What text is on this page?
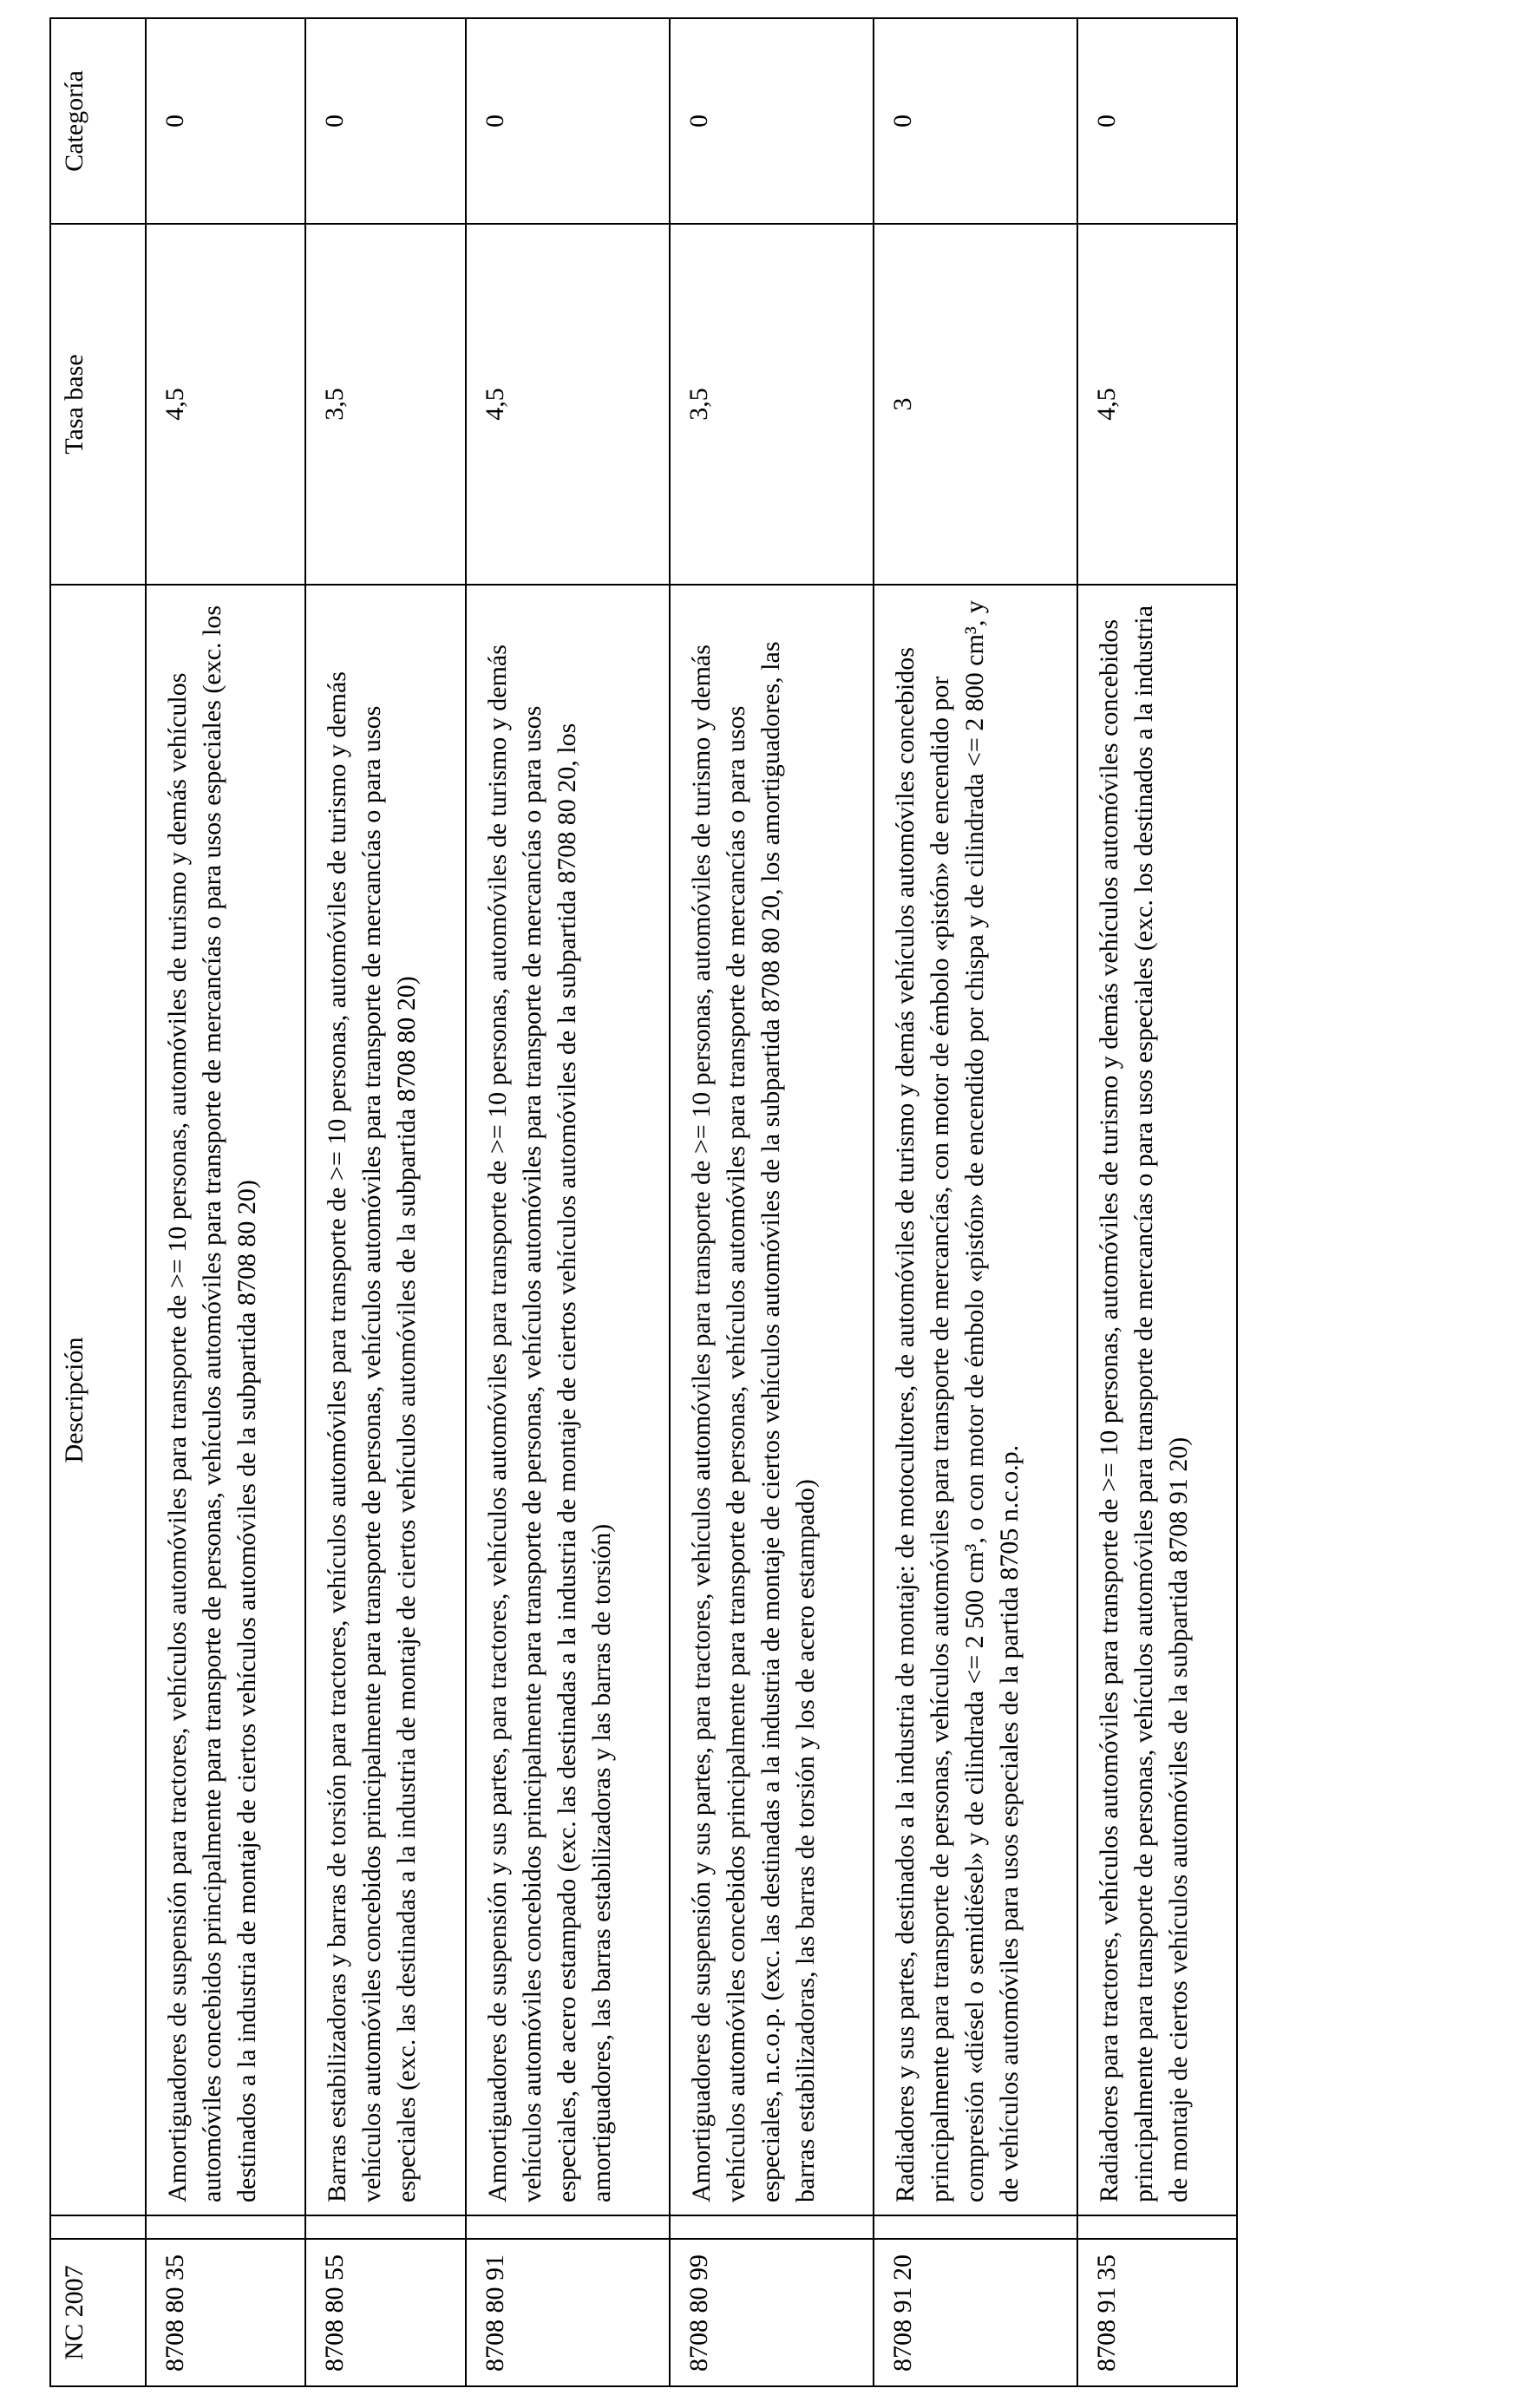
NC 2007		Descripción	Tasa base	Categoría
8708 80 35		Amortiguadores de suspensión para tractores, vehículos automóviles para transporte de >= 10 personas, automóviles de turismo y demás vehículos automóviles concebidos principalmente para transporte de personas, vehículos automóviles para transporte de mercancías o para usos especiales (exc. los destinados a la industria de montaje de ciertos vehículos automóviles de la subpartida 8708 80 20)	4,5	0
8708 80 55		Barras estabilizadoras y barras de torsión para tractores, vehículos automóviles para transporte de >= 10 personas, automóviles de turismo y demás vehículos automóviles concebidos principalmente para transporte de personas, vehículos automóviles para transporte de mercancías o para usos especiales (exc. las destinadas a la industria de montaje de ciertos vehículos automóviles de la subpartida 8708 80 20)	3,5	0
8708 80 91		Amortiguadores de suspensión y sus partes, para tractores, vehículos automóviles para transporte de >= 10 personas, automóviles de turismo y demás vehículos automóviles concebidos principalmente para transporte de personas, vehículos automóviles para transporte de mercancías o para usos especiales, de acero estampado (exc. las destinadas a la industria de montaje de ciertos vehículos automóviles de la subpartida 8708 80 20, los amortiguadores, las barras estabilizadoras y las barras de torsión)	4,5	0
8708 80 99		Amortiguadores de suspensión y sus partes, para tractores, vehículos automóviles para transporte de >= 10 personas, automóviles de turismo y demás vehículos automóviles concebidos principalmente para transporte de personas, vehículos automóviles para transporte de mercancías o para usos especiales, n.c.o.p. (exc. las destinadas a la industria de montaje de ciertos vehículos automóviles de la subpartida 8708 80 20, los amortiguadores, las barras estabilizadoras, las barras de torsión y los de acero estampado)	3,5	0
8708 91 20		Radiadores y sus partes, destinados a la industria de montaje: de motocultores, de automóviles de turismo y demás vehículos automóviles concebidos principalmente para transporte de personas, vehículos automóviles para transporte de mercancías, con motor de émbolo «pistón» de encendido por compresión «diésel o semidiésel» y de cilindrada <= 2 500 cm³, o con motor de émbolo «pistón» de encendido por chispa y de cilindrada <= 2 800 cm³, y de vehículos automóviles para usos especiales de la partida 8705 n.c.o.p.	3	0
8708 91 35		Radiadores para tractores, vehículos automóviles para transporte de >= 10 personas, automóviles de turismo y demás vehículos automóviles concebidos principalmente para transporte de personas, vehículos automóviles para transporte de mercancías o para usos especiales (exc. los destinados a la industria de montaje de ciertos vehículos automóviles de la subpartida 8708 91 20)	4,5	0
